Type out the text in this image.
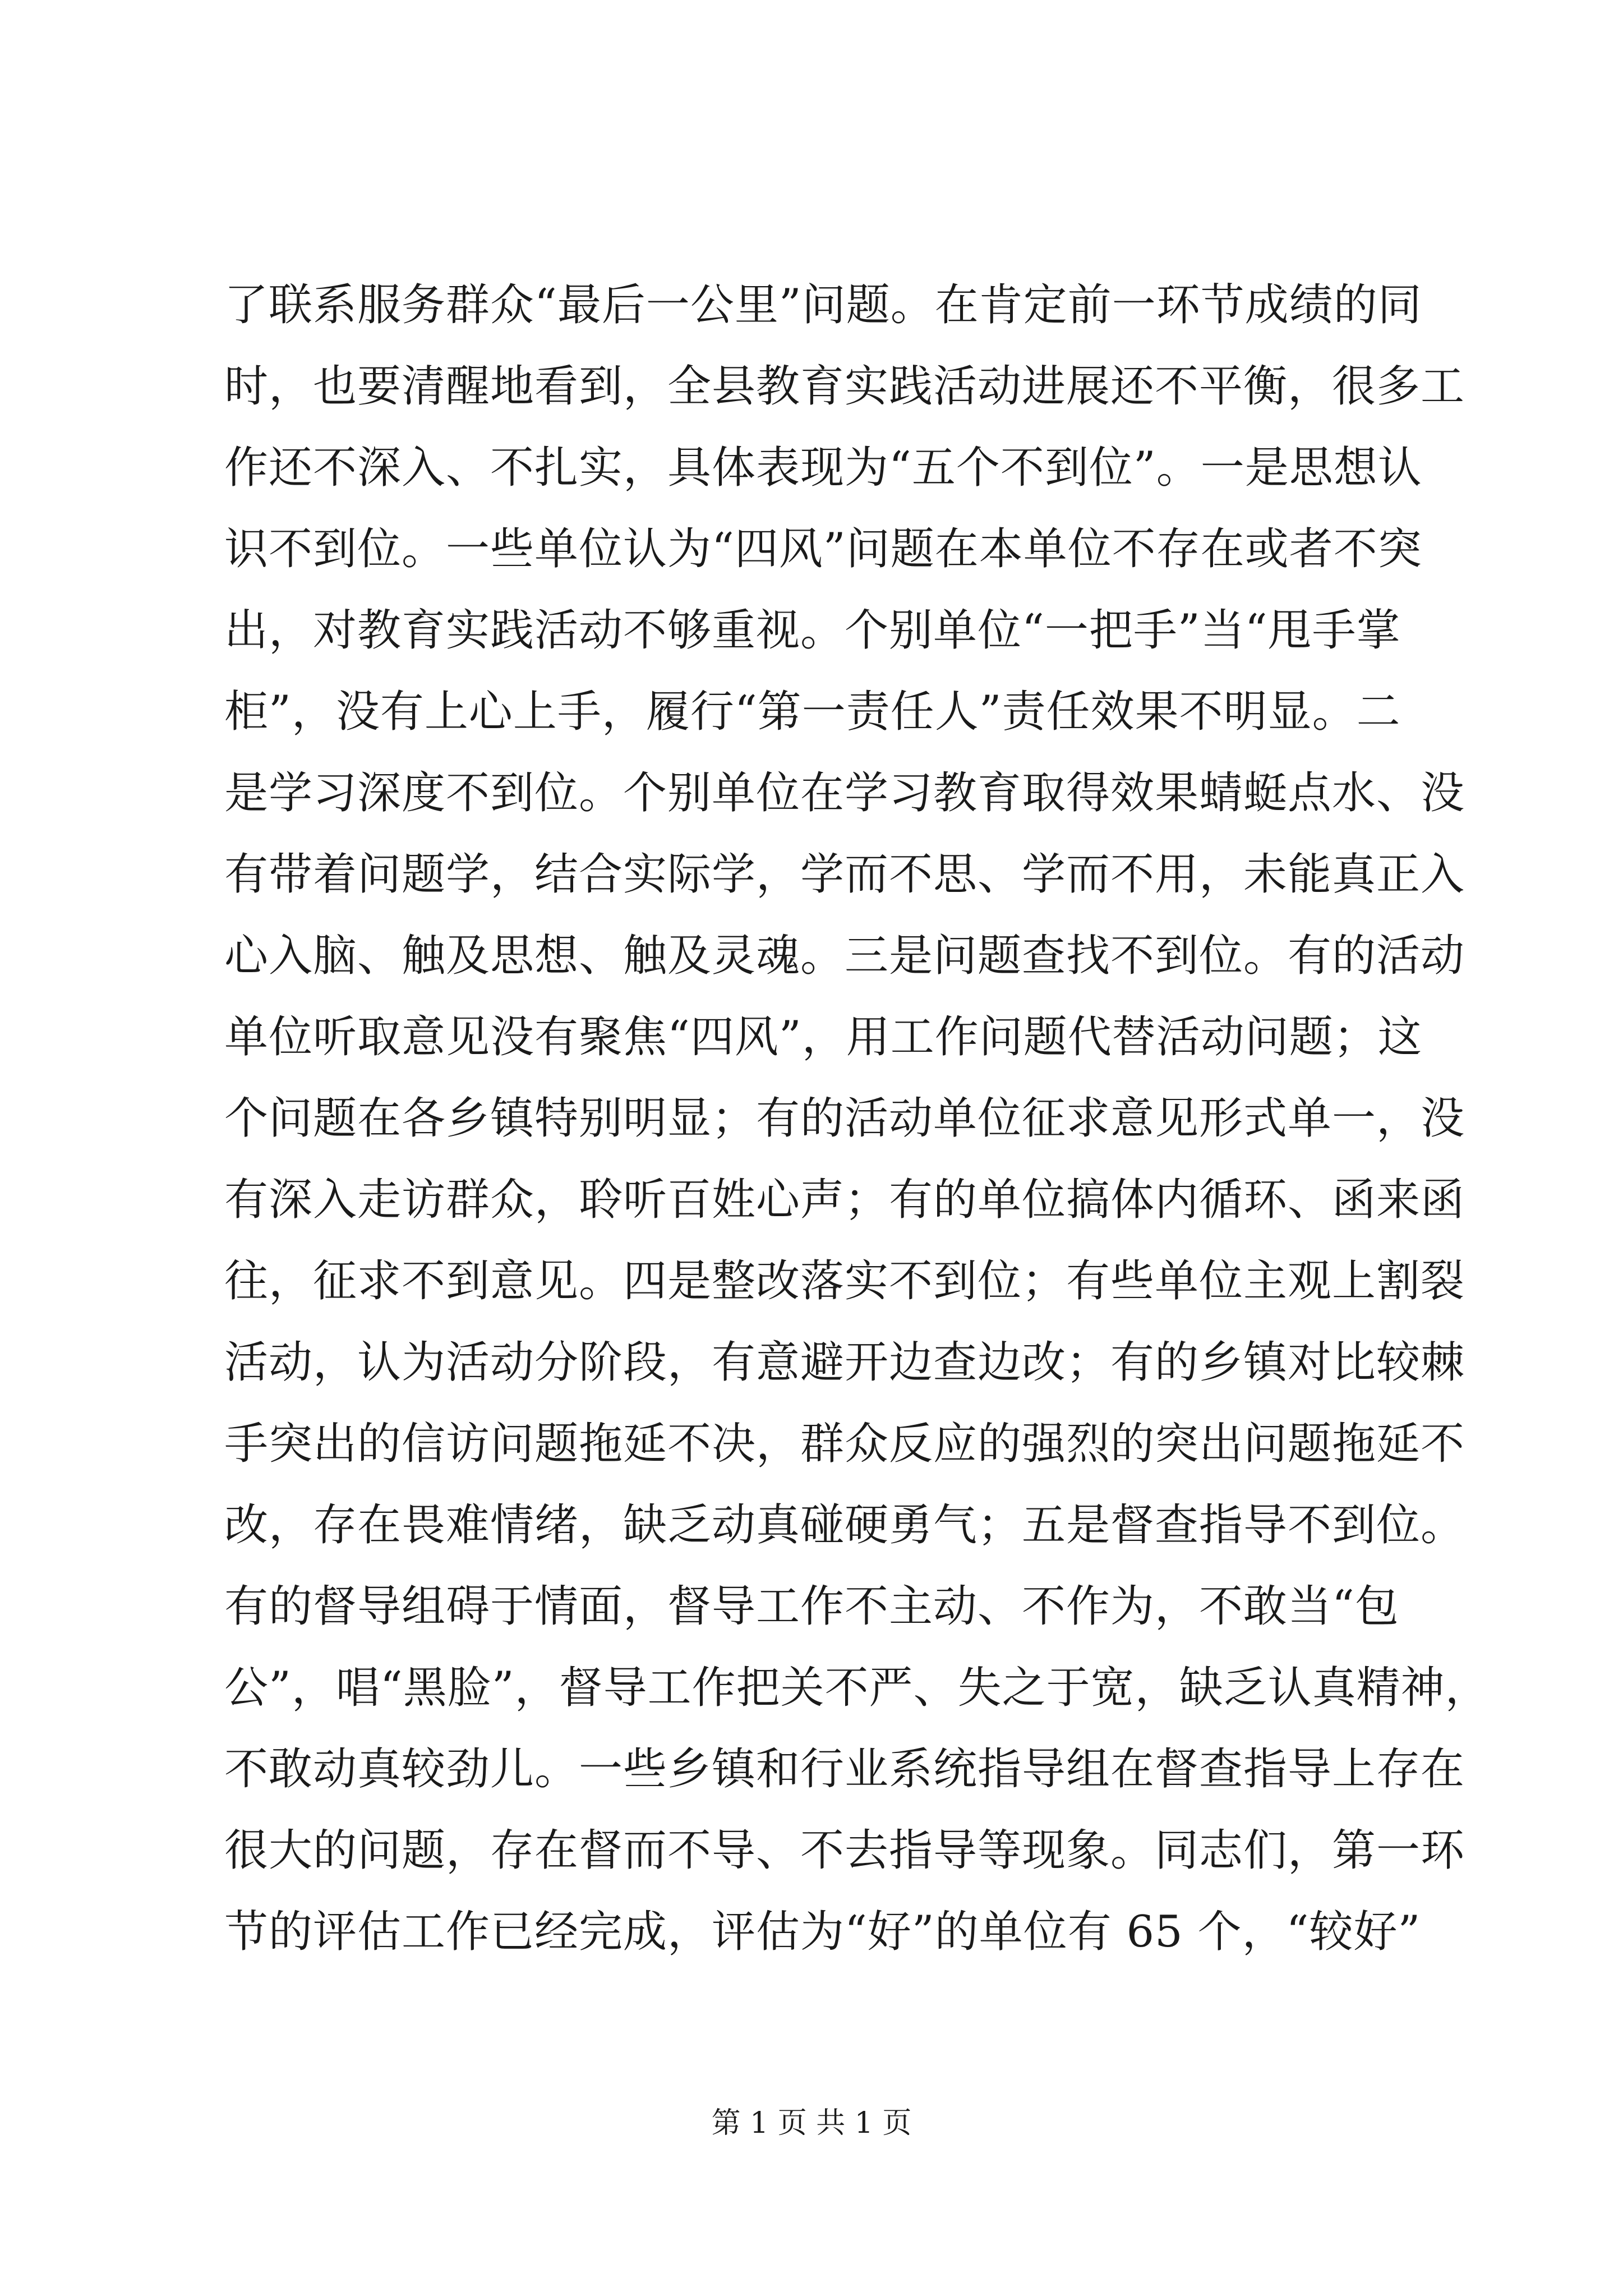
了联系服务群众“最后一公里”问题。在肯定前一环节成绩的同
时，也要清醒地看到，全县教育实践活动进展还不平衡，很多工
作还不深入、不扎实，具体表现为“五个不到位”。一是思想认
识不到位。一些单位认为“四风”问题在本单位不存在或者不突
出，对教育实践活动不够重视。个别单位“一把手”当“甩手掌
柜”，没有上心上手，履行“第一责任人”责任效果不明显。二
是学习深度不到位。个别单位在学习教育取得效果蜻蜓点水、没
有带着问题学，结合实际学，学而不思、学而不用，未能真正入
心入脑、触及思想、触及灵魂。三是问题查找不到位。有的活动
单位听取意见没有聚焦“四风”，用工作问题代替活动问题；这
个问题在各乡镇特别明显；有的活动单位征求意见形式单一，没
有深入走访群众，聆听百姓心声；有的单位搞体内循环、函来函
往，征求不到意见。四是整改落实不到位；有些单位主观上割裂
活动，认为活动分阶段，有意避开边查边改；有的乡镇对比较棘
手突出的信访问题拖延不决，群众反应的强烈的突出问题拖延不
改，存在畏难情绪，缺乏动真碰硬勇气；五是督查指导不到位。
有的督导组碍于情面，督导工作不主动、不作为，不敢当“包
公”，唱“黑脸”，督导工作把关不严、失之于宽，缺乏认真精神，
不敢动真较劲儿。一些乡镇和行业系统指导组在督查指导上存在
很大的问题，存在督而不导、不去指导等现象。同志们，第一环
节的评估工作已经完成，评估为“好”的单位有 65 个，“较好”
第 1 页 共 1 页
